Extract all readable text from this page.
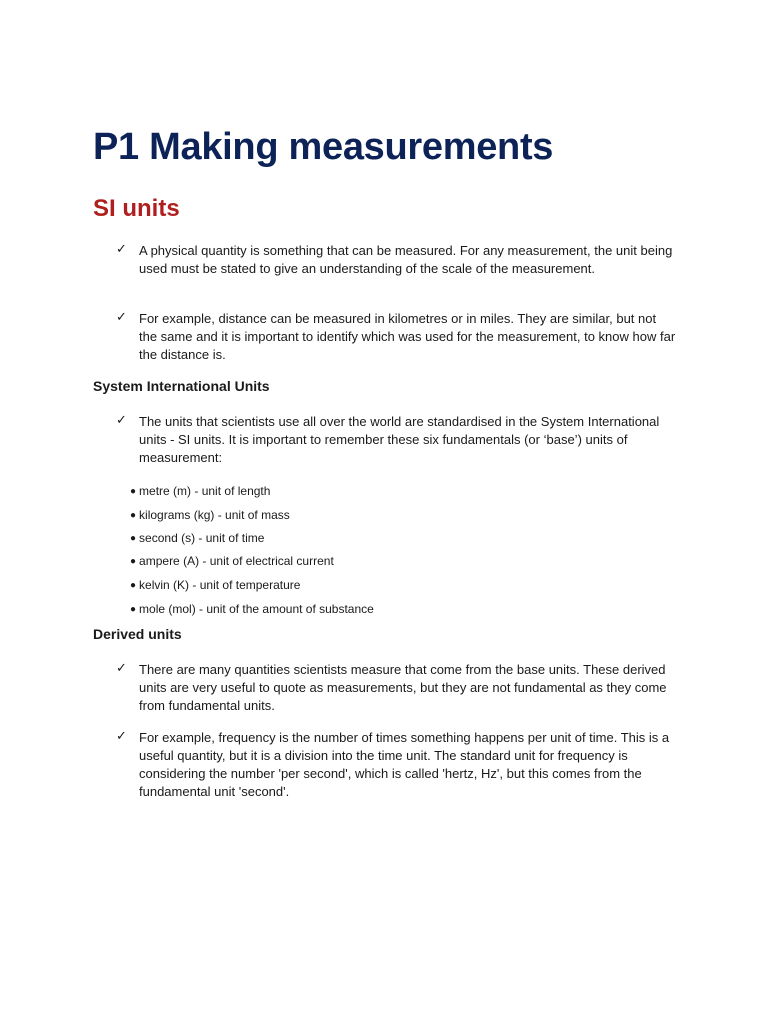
P1 Making measurements
SI units
✓ A physical quantity is something that can be measured. For any measurement, the unit being used must be stated to give an understanding of the scale of the measurement.
✓ For example, distance can be measured in kilometres or in miles. They are similar, but not the same and it is important to identify which was used for the measurement, to know how far the distance is.
System International Units
✓ The units that scientists use all over the world are standardised in the System International units - SI units. It is important to remember these six fundamentals (or ‘base’) units of measurement:
● metre (m) - unit of length
● kilograms (kg) - unit of mass
● second (s) - unit of time
● ampere (A) - unit of electrical current
● kelvin (K) - unit of temperature
● mole (mol) - unit of the amount of substance
Derived units
✓ There are many quantities scientists measure that come from the base units. These derived units are very useful to quote as measurements, but they are not fundamental as they come from fundamental units.
✓ For example, frequency is the number of times something happens per unit of time. This is a useful quantity, but it is a division into the time unit. The standard unit for frequency is considering the number 'per second', which is called 'hertz, Hz', but this comes from the fundamental unit 'second'.
